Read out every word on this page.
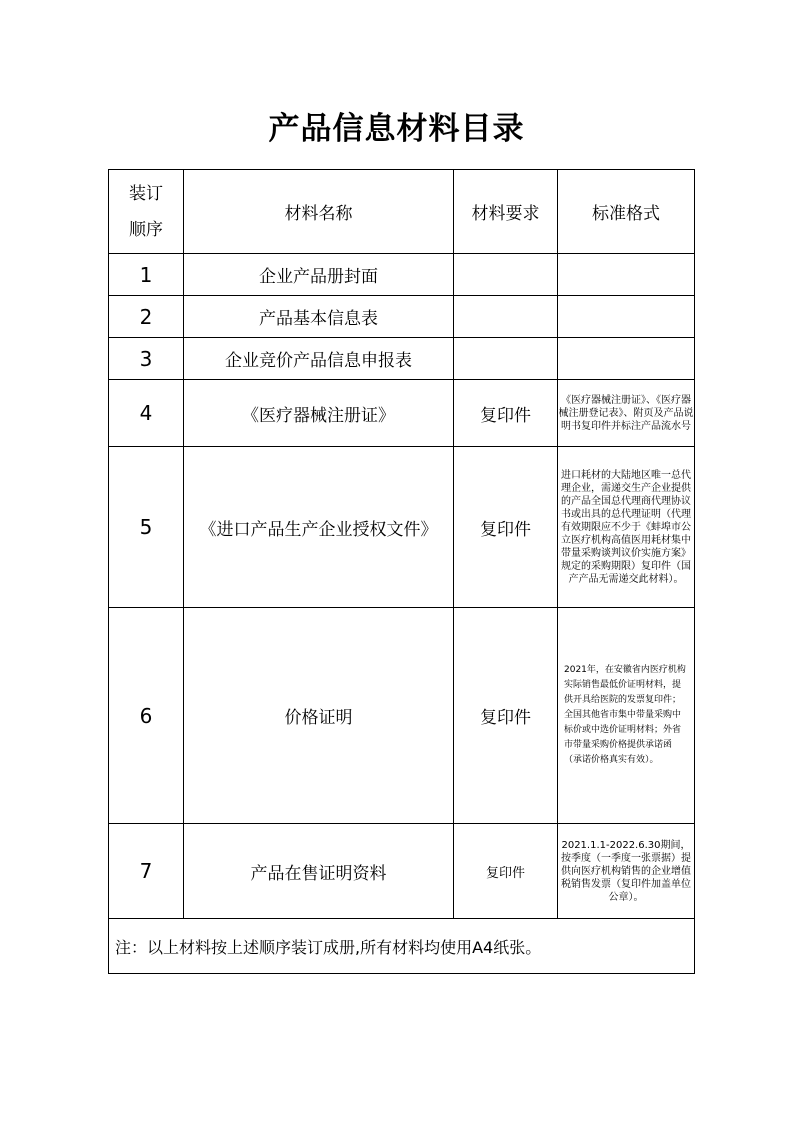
产品信息材料目录
装订
顺序	材料名称	材料要求	标准格式
1	企业产品册封面		
2	产品基本信息表		
3	企业竞价产品信息申报表		
4	《医疗器械注册证》	复印件	《医疗器械注册证》、《医疗器械注册登记表》、附页及产品说明书复印件并标注产品流水号
5	《进口产品生产企业授权文件》	复印件	进口耗材的大陆地区唯一总代理企业，需递交生产企业提供的产品全国总代理商代理协议书或出具的总代理证明（代理有效期限应不少于《蚌埠市公立医疗机构高值医用耗材集中带量采购谈判议价实施方案》规定的采购期限）复印件（国产产品无需递交此材料）。
6	价格证明	复印件	2021年，在安徽省内医疗机构实际销售最低价证明材料，提供开具给医院的发票复印件；全国其他省市集中带量采购中标价或中选价证明材料；外省市带量采购价格提供承诺函（承诺价格真实有效）。
7	产品在售证明资料	复印件	2021.1.1-2022.6.30期间，按季度（一季度一张票据）提供向医疗机构销售的企业增值税销售发票（复印件加盖单位公章）。
注：以上材料按上述顺序装订成册,所有材料均使用A4纸张。			
